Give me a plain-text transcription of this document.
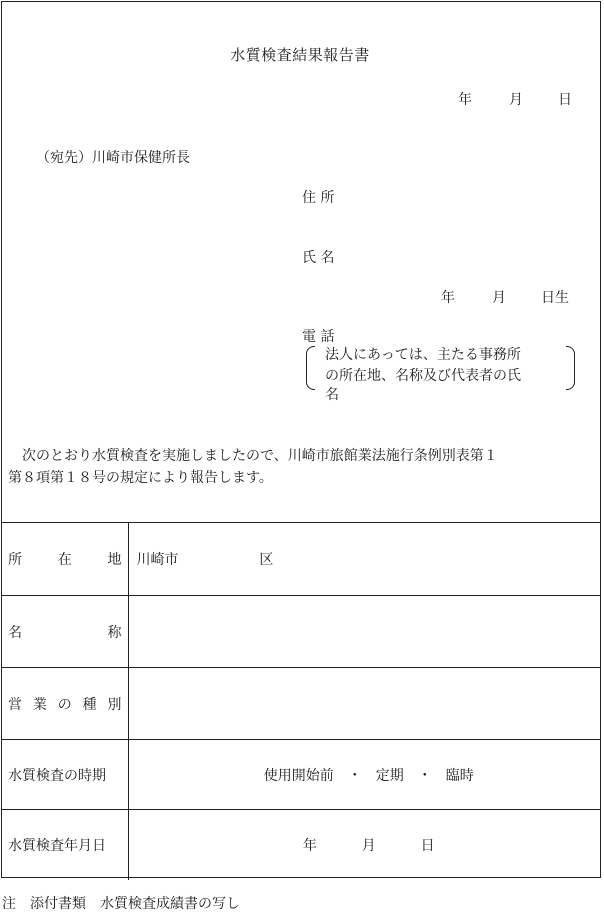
水質検査結果報告書
年	月	日
（宛先）川崎市保健所長
住 所
氏 名
年	月	日生
電 話
法人にあっては、主たる事務所
の所在地、名称及び代表者の氏
名

　次のとおり水質検査を実施しましたので、川崎市旅館業法施行条例別表第１

第８項第１８号の規定により報告します。

所 在 地	川崎市 区

名 称	

営 業 の 種 別	

水質検査の時期	使用開始前　・　定期　・　臨時
水質検査年月日	年 月 日
注　添付書類　水質検査成績書の写し
